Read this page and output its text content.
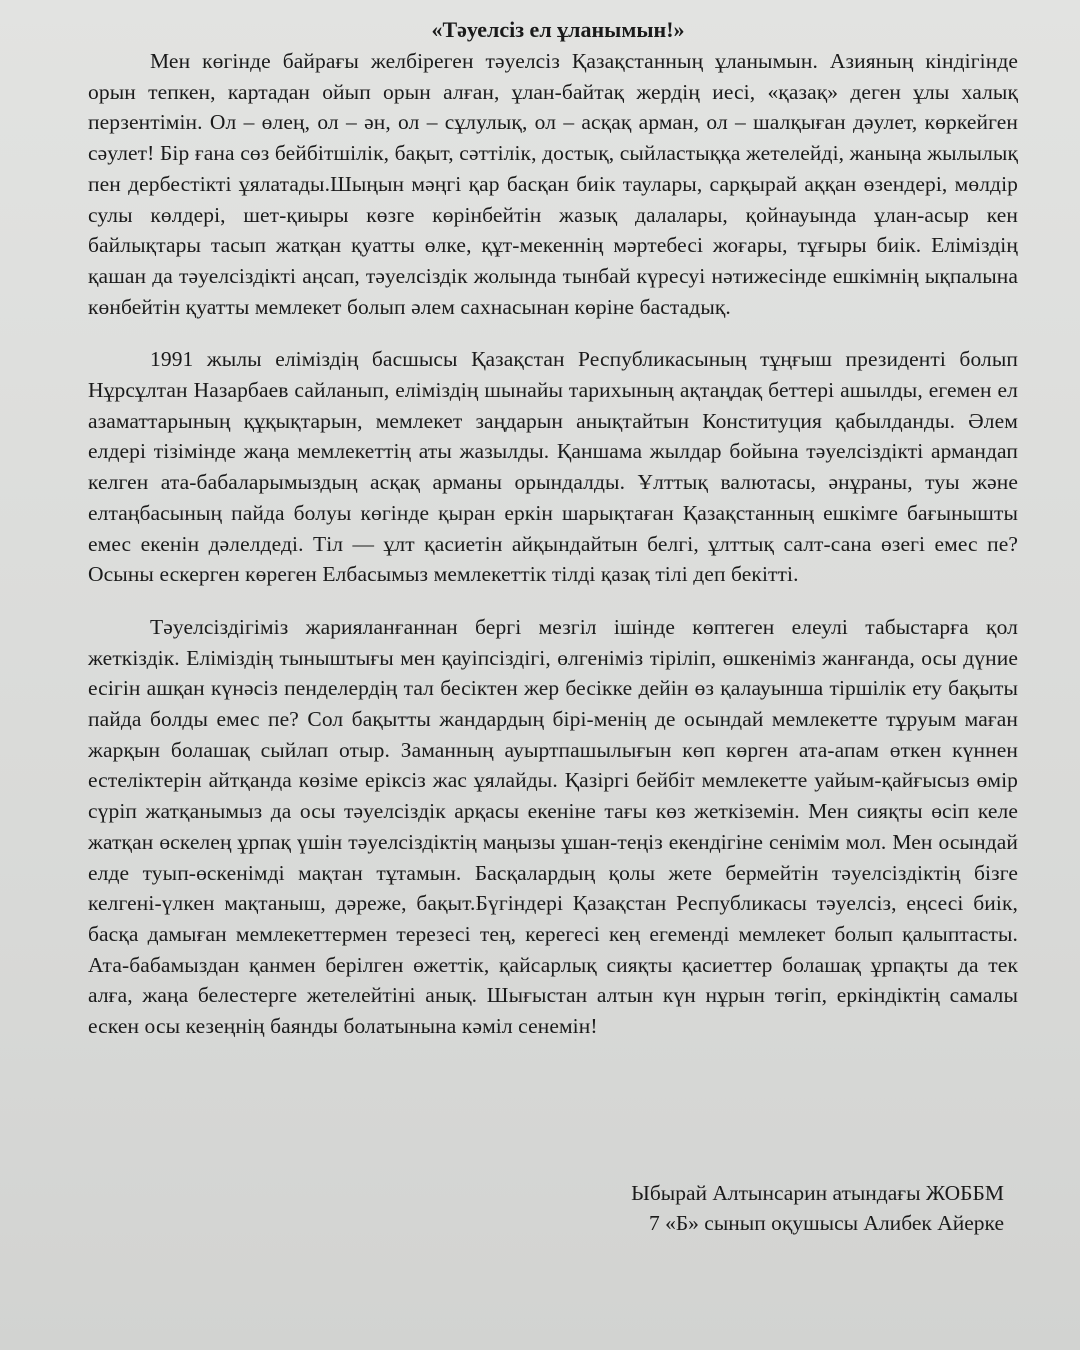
«Тәуелсіз ел ұланымын!»

Мен көгінде байрағы желбіреген тәуелсіз Қазақстанның ұланымын. Азияның кіндігінде орын тепкен, картадан ойып орын алған, ұлан-байтақ жердің иесі, «қазақ» деген ұлы халық перзентімін. Ол – өлең, ол – ән, ол – сұлулық, ол – асқақ арман, ол – шалқыған дәулет, көркейген сәулет! Бір ғана сөз бейбітшілік, бақыт, сәттілік, достық, сыйластыққа жетелейді, жаныңа жылылық пен дербестікті ұялатады.Шыңын мәңгі қар басқан биік таулары, сарқырай аққан өзендері, мөлдір сулы көлдері, шет-қиыры көзге көрінбейтін жазық далалары, қойнауында ұлан-асыр кен байлықтары тасып жатқан қуатты өлке, құт-мекеннің мәртебесі жоғары, тұғыры биік. Еліміздің қашан да тәуелсіздікті аңсап, тәуелсіздік жолында тынбай күресуі нәтижесінде ешкімнің ықпалына көнбейтін қуатты мемлекет болып әлем сахнасынан көріне бастадық.

1991 жылы еліміздің басшысы Қазақстан Республикасының тұңғыш президенті болып Нұрсұлтан Назарбаев сайланып, еліміздің шынайы тарихының ақтаңдақ беттері ашылды, егемен ел азаматтарының құқықтарын, мемлекет заңдарын анықтайтын Конституция қабылданды. Әлем елдері тізімінде жаңа мемлекеттің аты жазылды. Қаншама жылдар бойына тәуелсіздікті армандап келген ата-бабаларымыздың асқақ арманы орындалды. Ұлттық валютасы, әнұраны, туы және елтаңбасының пайда болуы көгінде қыран еркін шарықтаған Қазақстанның ешкімге бағынышты емес екенін дәлелдеді. Тіл — ұлт қасиетін айқындайтын белгі, ұлттық салт-сана өзегі емес пе? Осыны ескерген көреген Елбасымыз мемлекеттік тілді қазақ тілі деп бекітті.

Тәуелсіздігіміз жарияланғаннан бергі мезгіл ішінде көптеген елеулі табыстарға қол жеткіздік. Еліміздің тыныштығы мен қауіпсіздігі, өлгеніміз тіріліп, өшкеніміз жанғанда, осы дүние есігін ашқан күнәсіз пенделердің тал бесіктен жер бесікке дейін өз қалауынша тіршілік ету бақыты пайда болды емес пе? Сол бақытты жандардың бірі-менің де осындай мемлекетте тұруым маған жарқын болашақ сыйлап отыр. Заманның ауыртпашылығын көп көрген ата-апам өткен күннен естеліктерін айтқанда көзіме еріксіз жас ұялайды. Қазіргі бейбіт мемлекетте уайым-қайғысыз өмір сүріп жатқанымыз да осы тәуелсіздік арқасы екеніне тағы көз жеткіземін. Мен сияқты өсіп келе жатқан өскелең ұрпақ үшін тәуелсіздіктің маңызы ұшан-теңіз екендігіне сенімім мол. Мен осындай елде туып-өскенімді мақтан тұтамын. Басқалардың қолы жете бермейтін тәуелсіздіктің бізге келгені-үлкен мақтаныш, дәреже, бақыт.Бүгіндері Қазақстан Республикасы тәуелсіз, еңсесі биік, басқа дамыған мемлекеттермен терезесі тең, керегесі кең егеменді мемлекет болып қалыптасты. Ата-бабамыздан қанмен берілген өжеттік, қайсарлық сияқты қасиеттер болашақ ұрпақты да тек алға, жаңа белестерге жетелейтіні анық. Шығыстан алтын күн нұрын төгіп, еркіндіктің самалы ескен осы кезеңнің баянды болатынына кәміл сенемін!

Ыбырай Алтынсарин атындағы ЖОББМ
7 «Б» сынып оқушысы Алибек Айерке
